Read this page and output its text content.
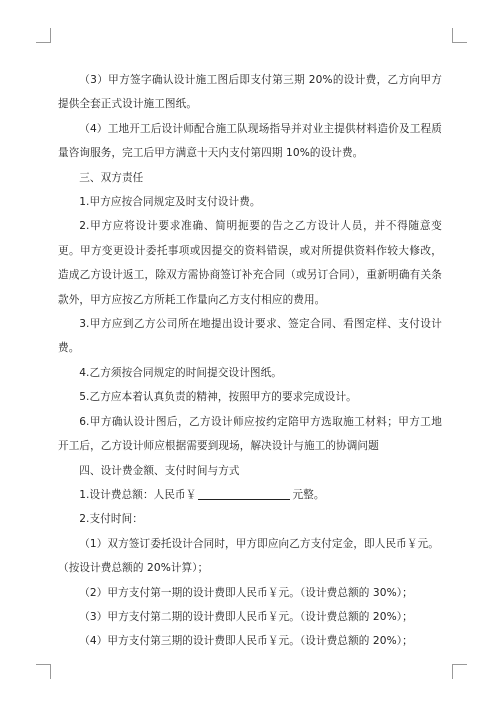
（3）甲方签字确认设计施工图后即支付第三期 20%的设计费，乙方向甲方提供全套正式设计施工图纸。

（4）工地开工后设计师配合施工队现场指导并对业主提供材料造价及工程质量咨询服务，完工后甲方满意十天内支付第四期 10%的设计费。

三、双方责任

1.甲方应按合同规定及时支付设计费。

2.甲方应将设计要求准确、简明扼要的告之乙方设计人员，并不得随意变更。甲方变更设计委托事项或因提交的资料错误，或对所提供资料作较大修改，造成乙方设计返工，除双方需协商签订补充合同（或另订合同），重新明确有关条款外，甲方应按乙方所耗工作量向乙方支付相应的费用。

3.甲方应到乙方公司所在地提出设计要求、签定合同、看图定样、支付设计费。

4.乙方须按合同规定的时间提交设计图纸。

5.乙方应本着认真负责的精神，按照甲方的要求完成设计。

6.甲方确认设计图后，乙方设计师应按约定陪甲方选取施工材料；甲方工地开工后，乙方设计师应根据需要到现场，解决设计与施工的协调问题

四、设计费金额、支付时间与方式

1.设计费总额：人民币￥	元整。

2.支付时间：

（1）双方签订委托设计合同时，甲方即应向乙方支付定金，即人民币￥元。

（按设计费总额的 20%计算）；

（2）甲方支付第一期的设计费即人民币￥元。（设计费总额的 30%）；

（3）甲方支付第二期的设计费即人民币￥元。（设计费总额的 20%）；

（4）甲方支付第三期的设计费即人民币￥元。（设计费总额的 20%）；
